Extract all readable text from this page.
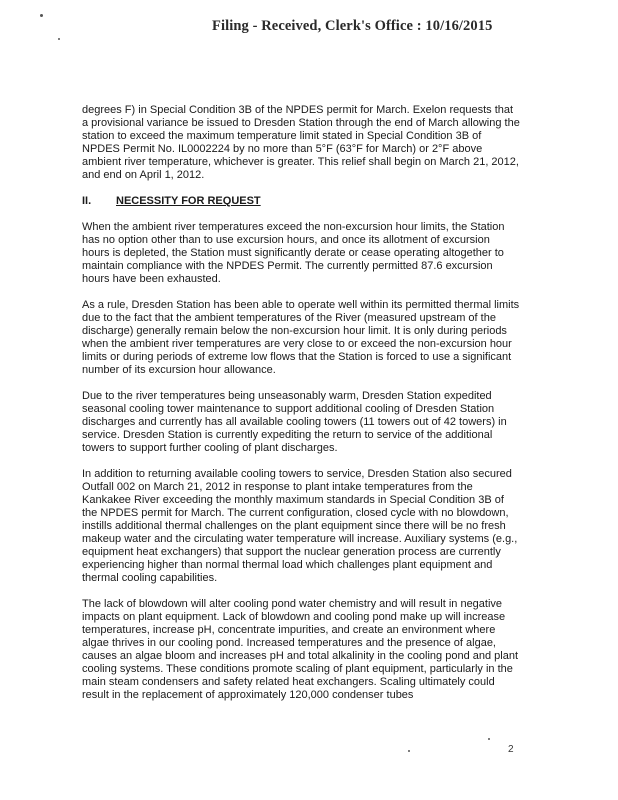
Filing - Received, Clerk's Office : 10/16/2015

degrees F) in Special Condition 3B of the NPDES permit for March. Exelon requests that a provisional variance be issued to Dresden Station through the end of March allowing the station to exceed the maximum temperature limit stated in Special Condition 3B of NPDES Permit No. IL0002224 by no more than 5°F (63°F for March) or 2°F above ambient river temperature, whichever is greater. This relief shall begin on March 21, 2012, and end on April 1, 2012.

II.	NECESSITY FOR REQUEST

When the ambient river temperatures exceed the non-excursion hour limits, the Station has no option other than to use excursion hours, and once its allotment of excursion hours is depleted, the Station must significantly derate or cease operating altogether to maintain compliance with the NPDES Permit. The currently permitted 87.6 excursion hours have been exhausted.

As a rule, Dresden Station has been able to operate well within its permitted thermal limits due to the fact that the ambient temperatures of the River (measured upstream of the discharge) generally remain below the non-excursion hour limit. It is only during periods when the ambient river temperatures are very close to or exceed the non-excursion hour limits or during periods of extreme low flows that the Station is forced to use a significant number of its excursion hour allowance.

Due to the river temperatures being unseasonably warm, Dresden Station expedited seasonal cooling tower maintenance to support additional cooling of Dresden Station discharges and currently has all available cooling towers (11 towers out of 42 towers) in service. Dresden Station is currently expediting the return to service of the additional towers to support further cooling of plant discharges.

In addition to returning available cooling towers to service, Dresden Station also secured Outfall 002 on March 21, 2012 in response to plant intake temperatures from the Kankakee River exceeding the monthly maximum standards in Special Condition 3B of the NPDES permit for March. The current configuration, closed cycle with no blowdown, instills additional thermal challenges on the plant equipment since there will be no fresh makeup water and the circulating water temperature will increase. Auxiliary systems (e.g., equipment heat exchangers) that support the nuclear generation process are currently experiencing higher than normal thermal load which challenges plant equipment and thermal cooling capabilities.

The lack of blowdown will alter cooling pond water chemistry and will result in negative impacts on plant equipment. Lack of blowdown and cooling pond make up will increase temperatures, increase pH, concentrate impurities, and create an environment where algae thrives in our cooling pond. Increased temperatures and the presence of algae, causes an algae bloom and increases pH and total alkalinity in the cooling pond and plant cooling systems. These conditions promote scaling of plant equipment, particularly in the main steam condensers and safety related heat exchangers. Scaling ultimately could result in the replacement of approximately 120,000 condenser tubes

2
